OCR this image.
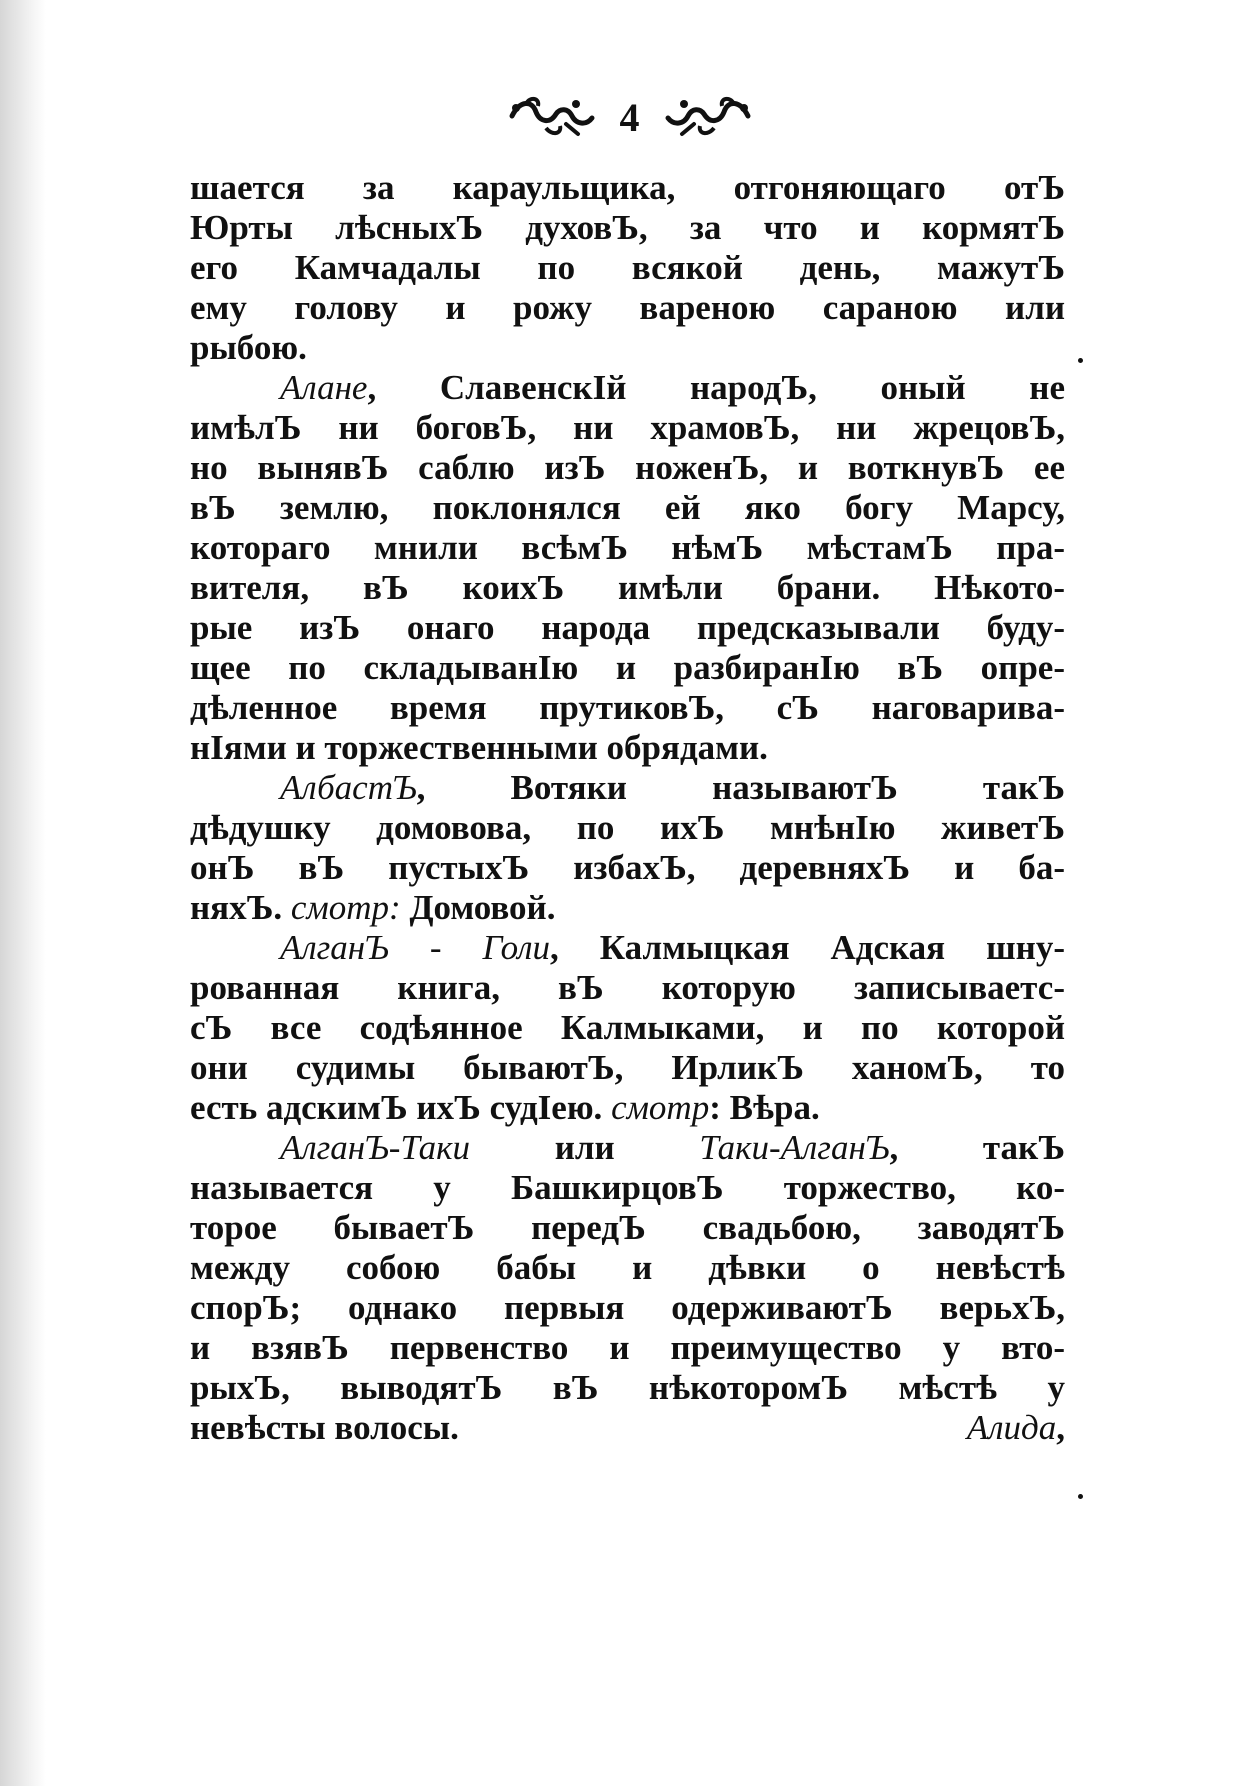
4
шается за караульщика, отгоняющаго отЪ
Юрты лѣсныхЪ духовЪ, за что и кормятЪ
его Камчадалы по всякой день, мажутЪ
ему голову и рожу вареною сараною или
рыбою.
Алане, СлавенскІй народЪ, оный не
имѣлЪ ни боговЪ, ни храмовЪ, ни жрецовЪ,
но вынявЪ саблю изЪ ноженЪ, и воткнувЪ ее
вЪ землю, поклонялся ей яко богу Марсу,
котораго мнили всѣмЪ нѣмЪ мѣстамЪ пра-
вителя, вЪ коихЪ имѣли брани. Нѣкото-
рые изЪ онаго народа предсказывали буду-
щее по складыванІю и разбиранІю вЪ опре-
дѣленное время прутиковЪ, сЪ наговарива-
нІями и торжественными обрядами.
АлбастЪ, Вотяки называютЪ такЪ
дѣдушку домовова, по ихЪ мнѣнІю живетЪ
онЪ вЪ пустыхЪ избахЪ, деревняхЪ и ба-
няхЪ. смотр: Домовой.
АлганЪ - Голи, Калмыцкая Адская шну-
рованная книга, вЪ которую записываетс-
сЪ все содѣянное Калмыками, и по которой
они судимы бываютЪ, ИрликЪ ханомЪ, то
есть адскимЪ ихЪ судІею. смотр : Вѣра.
АлганЪ-Таки или Таки-АлганЪ, такЪ
называется у БашкирцовЪ торжество, ко-
торое бываетЪ передЪ свадьбою, заводятЪ
между собою бабы и дѣвки о невѣстѣ
спорЪ; однако первыя одерживаютЪ верьхЪ,
и взявЪ первенство и преимущество у вто-
рыхЪ, выводятЪ вЪ нѣкоторомЪ мѣстѣ у
невѣсты волосы.	Алида,
